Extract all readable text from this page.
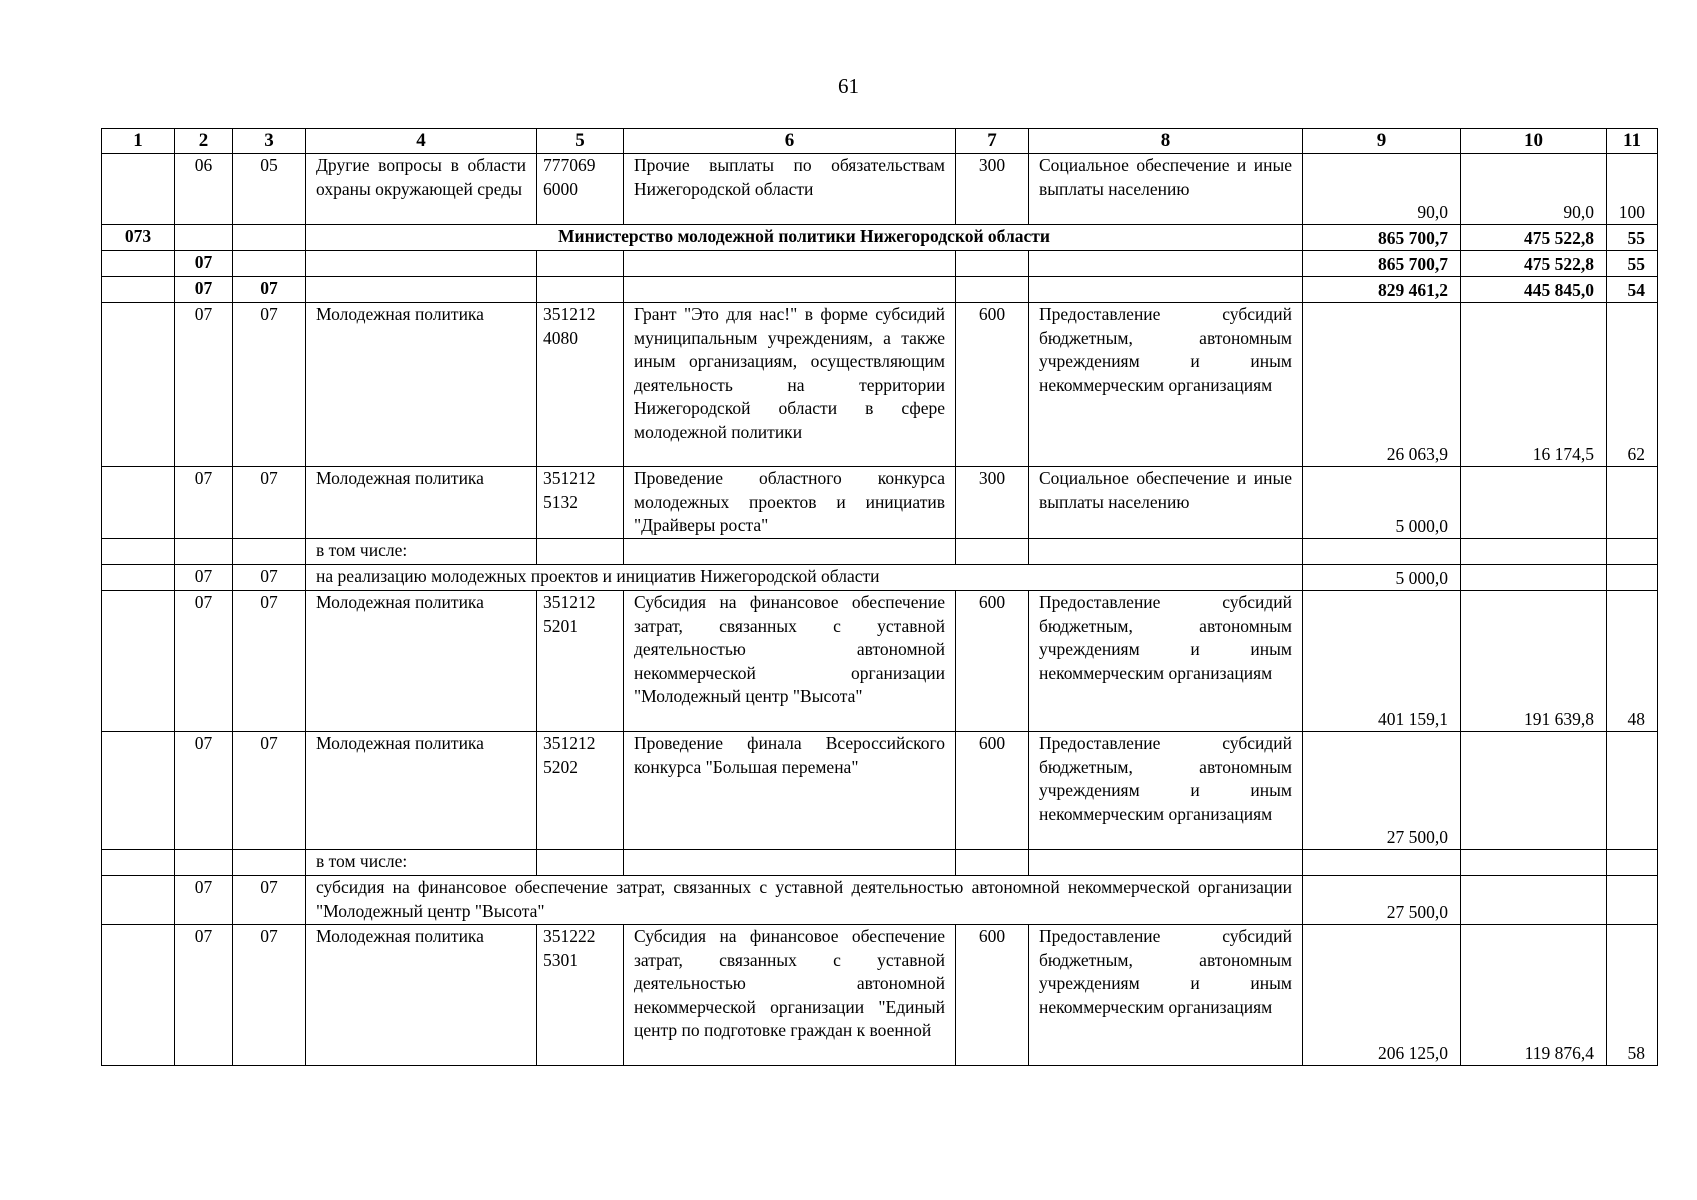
61
1	2	3	4	5	6	7	8	9	10	11
	06	05	Другие вопросы в области охраны окружающей среды	777069 6000	Прочие выплаты по обязательствам Нижегородской области	300	Социальное обеспечение и иные выплаты населению	90,0	90,0	100
073			Министерство молодежной политики Нижегородской области					865 700,7	475 522,8	55
	07							865 700,7	475 522,8	55
	07	07						829 461,2	445 845,0	54
	07	07	Молодежная политика	351212 4080	Грант "Это для нас!" в форме субсидий муниципальным учреждениям, а также иным организациям, осуществляющим деятельность на территории Нижегородской области в сфере молодежной политики	600	Предоставление субсидий бюджетным, автономным учреждениям и иным некоммерческим организациям	26 063,9	16 174,5	62
	07	07	Молодежная политика	351212 5132	Проведение областного конкурса молодежных проектов и инициатив "Драйверы роста"	300	Социальное обеспечение и иные выплаты населению	5 000,0		
			в том числе:							
	07	07	на реализацию молодежных проектов и инициатив Нижегородской области					5 000,0		
	07	07	Молодежная политика	351212 5201	Субсидия на финансовое обеспечение затрат, связанных с уставной деятельностью автономной некоммерческой организации "Молодежный центр "Высота"	600	Предоставление субсидий бюджетным, автономным учреждениям и иным некоммерческим организациям	401 159,1	191 639,8	48
	07	07	Молодежная политика	351212 5202	Проведение финала Всероссийского конкурса "Большая перемена"	600	Предоставление субсидий бюджетным, автономным учреждениям и иным некоммерческим организациям	27 500,0		
			в том числе:							
	07	07	субсидия на финансовое обеспечение затрат, связанных с уставной деятельностью автономной некоммерческой организации "Молодежный центр "Высота"					27 500,0		
	07	07	Молодежная политика	351222 5301	Субсидия на финансовое обеспечение затрат, связанных с уставной деятельностью автономной некоммерческой организации "Единый центр по подготовке граждан к военной	600	Предоставление субсидий бюджетным, автономным учреждениям и иным некоммерческим организациям	206 125,0	119 876,4	58
